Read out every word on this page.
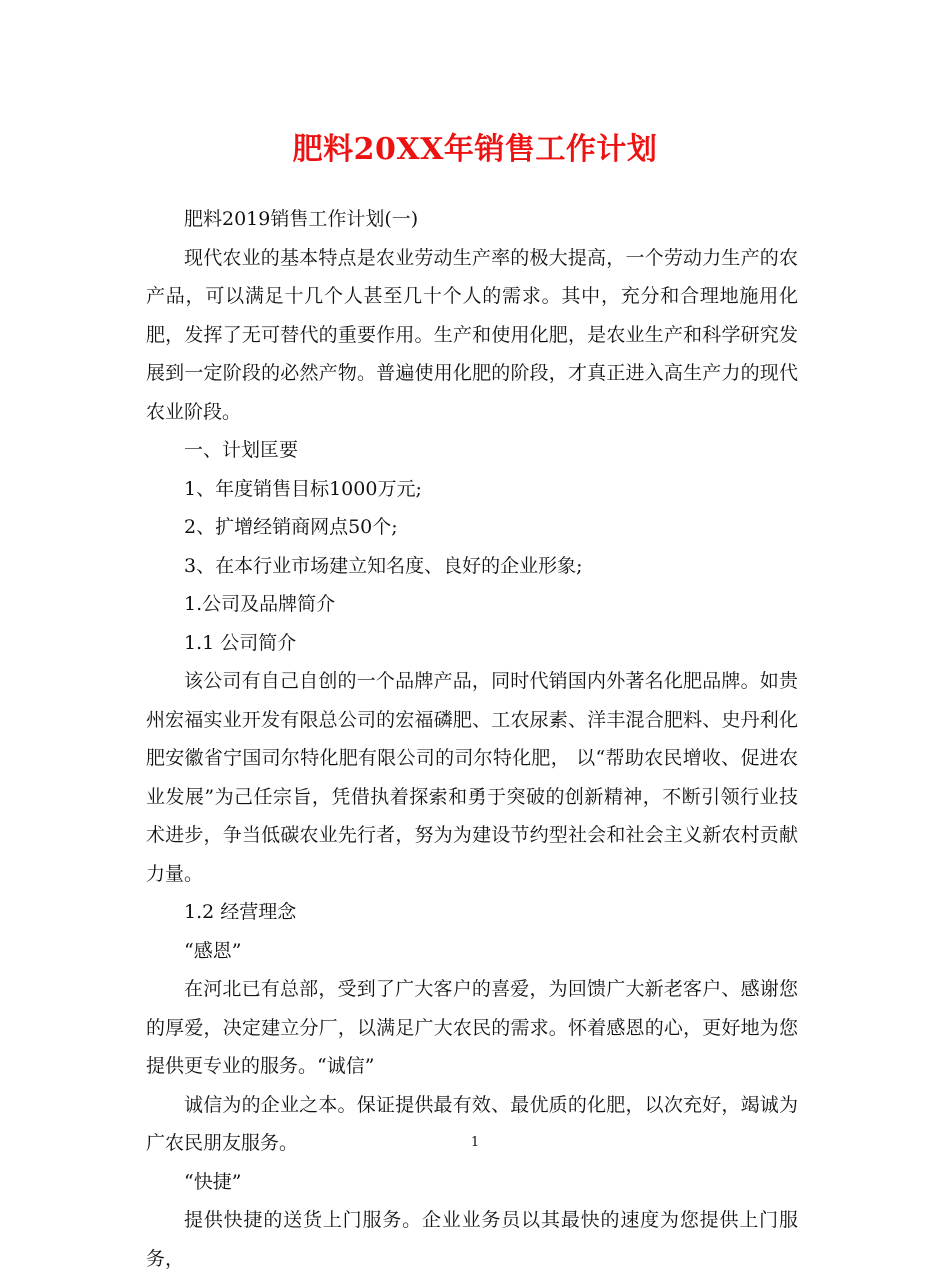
肥料20XX年销售工作计划

肥料2019销售工作计划(一)

现代农业的基本特点是农业劳动生产率的极大提高，一个劳动力生产的农产品，可以满足十几个人甚至几十个人的需求。其中，充分和合理地施用化肥，发挥了无可替代的重要作用。生产和使用化肥，是农业生产和科学研究发展到一定阶段的必然产物。普遍使用化肥的阶段，才真正进入高生产力的现代农业阶段。

一、计划匡要

1、年度销售目标1000万元;

2、扩增经销商网点50个;

3、在本行业市场建立知名度、良好的企业形象;

1.公司及品牌简介

1.1 公司简介

该公司有自己自创的一个品牌产品，同时代销国内外著名化肥品牌。如贵州宏福实业开发有限总公司的宏福磷肥、工农尿素、洋丰混合肥料、史丹利化肥安徽省宁国司尔特化肥有限公司的司尔特化肥， 以“帮助农民增收、促进农业发展”为己任宗旨，凭借执着探索和勇于突破的创新精神，不断引领行业技术进步，争当低碳农业先行者，努为为建设节约型社会和社会主义新农村贡献力量。

1.2 经营理念

“感恩”

在河北已有总部，受到了广大客户的喜爱，为回馈广大新老客户、感谢您的厚爱，决定建立分厂，以满足广大农民的需求。怀着感恩的心，更好地为您提供更专业的服务。“诚信”

诚信为的企业之本。保证提供最有效、最优质的化肥，以次充好，竭诚为广农民朋友服务。

“快捷”

提供快捷的送货上门服务。企业业务员以其最快的速度为您提供上门服务，

1
